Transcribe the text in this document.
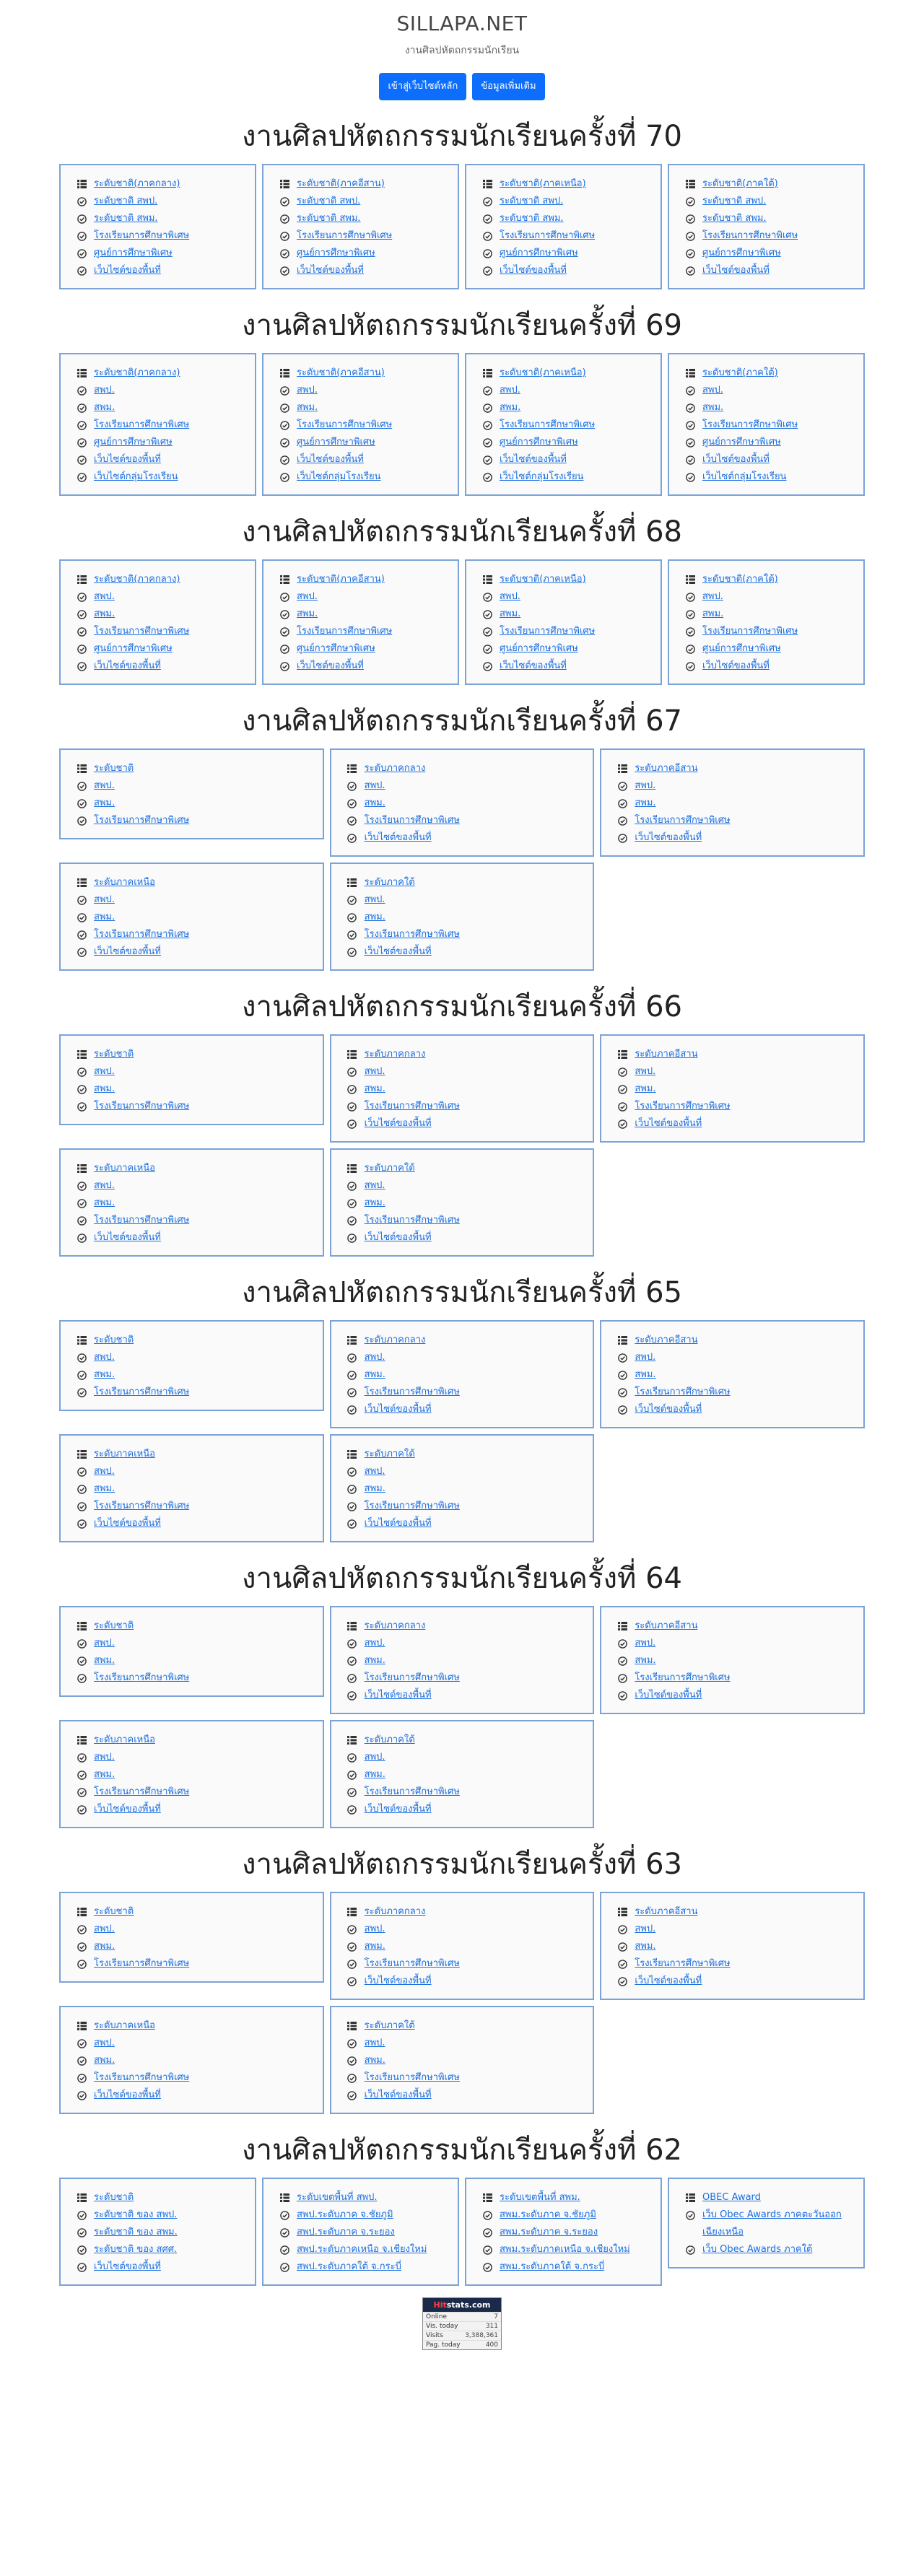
SILLAPA.NET
งานศิลปหัตถกรรมนักเรียน
เข้าสู่เว็บไซต์หลัก	ข้อมูลเพิ่มเติม
งานศิลปหัตถกรรมนักเรียนครั้งที่ 70
ระดับชาติ(ภาคกลาง)
ระดับชาติ สพป.
ระดับชาติ สพม.
โรงเรียนการศึกษาพิเศษ
ศูนย์การศึกษาพิเศษ
เว็บไซต์ของพื้นที่
ระดับชาติ(ภาคอีสาน)
ระดับชาติ สพป.
ระดับชาติ สพม.
โรงเรียนการศึกษาพิเศษ
ศูนย์การศึกษาพิเศษ
เว็บไซต์ของพื้นที่
ระดับชาติ(ภาคเหนือ)
ระดับชาติ สพป.
ระดับชาติ สพม.
โรงเรียนการศึกษาพิเศษ
ศูนย์การศึกษาพิเศษ
เว็บไซต์ของพื้นที่
ระดับชาติ(ภาคใต้)
ระดับชาติ สพป.
ระดับชาติ สพม.
โรงเรียนการศึกษาพิเศษ
ศูนย์การศึกษาพิเศษ
เว็บไซต์ของพื้นที่
งานศิลปหัตถกรรมนักเรียนครั้งที่ 69
ระดับชาติ(ภาคกลาง)
สพป.
สพม.
โรงเรียนการศึกษาพิเศษ
ศูนย์การศึกษาพิเศษ
เว็บไซต์ของพื้นที่
เว็บไซต์กลุ่มโรงเรียน
ระดับชาติ(ภาคอีสาน)
สพป.
สพม.
โรงเรียนการศึกษาพิเศษ
ศูนย์การศึกษาพิเศษ
เว็บไซต์ของพื้นที่
เว็บไซต์กลุ่มโรงเรียน
ระดับชาติ(ภาคเหนือ)
สพป.
สพม.
โรงเรียนการศึกษาพิเศษ
ศูนย์การศึกษาพิเศษ
เว็บไซต์ของพื้นที่
เว็บไซต์กลุ่มโรงเรียน
ระดับชาติ(ภาคใต้)
สพป.
สพม.
โรงเรียนการศึกษาพิเศษ
ศูนย์การศึกษาพิเศษ
เว็บไซต์ของพื้นที่
เว็บไซต์กลุ่มโรงเรียน
งานศิลปหัตถกรรมนักเรียนครั้งที่ 68
ระดับชาติ(ภาคกลาง)
สพป.
สพม.
โรงเรียนการศึกษาพิเศษ
ศูนย์การศึกษาพิเศษ
เว็บไซต์ของพื้นที่
ระดับชาติ(ภาคอีสาน)
สพป.
สพม.
โรงเรียนการศึกษาพิเศษ
ศูนย์การศึกษาพิเศษ
เว็บไซต์ของพื้นที่
ระดับชาติ(ภาคเหนือ)
สพป.
สพม.
โรงเรียนการศึกษาพิเศษ
ศูนย์การศึกษาพิเศษ
เว็บไซต์ของพื้นที่
ระดับชาติ(ภาคใต้)
สพป.
สพม.
โรงเรียนการศึกษาพิเศษ
ศูนย์การศึกษาพิเศษ
เว็บไซต์ของพื้นที่
งานศิลปหัตถกรรมนักเรียนครั้งที่ 67
ระดับชาติ
สพป.
สพม.
โรงเรียนการศึกษาพิเศษ
ระดับภาคกลาง
สพป.
สพม.
โรงเรียนการศึกษาพิเศษ
เว็บไซต์ของพื้นที่
ระดับภาคอีสาน
สพป.
สพม.
โรงเรียนการศึกษาพิเศษ
เว็บไซต์ของพื้นที่
ระดับภาคเหนือ
สพป.
สพม.
โรงเรียนการศึกษาพิเศษ
เว็บไซต์ของพื้นที่
ระดับภาคใต้
สพป.
สพม.
โรงเรียนการศึกษาพิเศษ
เว็บไซต์ของพื้นที่
งานศิลปหัตถกรรมนักเรียนครั้งที่ 66
ระดับชาติ
สพป.
สพม.
โรงเรียนการศึกษาพิเศษ
ระดับภาคกลาง
สพป.
สพม.
โรงเรียนการศึกษาพิเศษ
เว็บไซต์ของพื้นที่
ระดับภาคอีสาน
สพป.
สพม.
โรงเรียนการศึกษาพิเศษ
เว็บไซต์ของพื้นที่
ระดับภาคเหนือ
สพป.
สพม.
โรงเรียนการศึกษาพิเศษ
เว็บไซต์ของพื้นที่
ระดับภาคใต้
สพป.
สพม.
โรงเรียนการศึกษาพิเศษ
เว็บไซต์ของพื้นที่
งานศิลปหัตถกรรมนักเรียนครั้งที่ 65
ระดับชาติ
สพป.
สพม.
โรงเรียนการศึกษาพิเศษ
ระดับภาคกลาง
สพป.
สพม.
โรงเรียนการศึกษาพิเศษ
เว็บไซต์ของพื้นที่
ระดับภาคอีสาน
สพป.
สพม.
โรงเรียนการศึกษาพิเศษ
เว็บไซต์ของพื้นที่
ระดับภาคเหนือ
สพป.
สพม.
โรงเรียนการศึกษาพิเศษ
เว็บไซต์ของพื้นที่
ระดับภาคใต้
สพป.
สพม.
โรงเรียนการศึกษาพิเศษ
เว็บไซต์ของพื้นที่
งานศิลปหัตถกรรมนักเรียนครั้งที่ 64
ระดับชาติ
สพป.
สพม.
โรงเรียนการศึกษาพิเศษ
ระดับภาคกลาง
สพป.
สพม.
โรงเรียนการศึกษาพิเศษ
เว็บไซต์ของพื้นที่
ระดับภาคอีสาน
สพป.
สพม.
โรงเรียนการศึกษาพิเศษ
เว็บไซต์ของพื้นที่
ระดับภาคเหนือ
สพป.
สพม.
โรงเรียนการศึกษาพิเศษ
เว็บไซต์ของพื้นที่
ระดับภาคใต้
สพป.
สพม.
โรงเรียนการศึกษาพิเศษ
เว็บไซต์ของพื้นที่
งานศิลปหัตถกรรมนักเรียนครั้งที่ 63
ระดับชาติ
สพป.
สพม.
โรงเรียนการศึกษาพิเศษ
ระดับภาคกลาง
สพป.
สพม.
โรงเรียนการศึกษาพิเศษ
เว็บไซต์ของพื้นที่
ระดับภาคอีสาน
สพป.
สพม.
โรงเรียนการศึกษาพิเศษ
เว็บไซต์ของพื้นที่
ระดับภาคเหนือ
สพป.
สพม.
โรงเรียนการศึกษาพิเศษ
เว็บไซต์ของพื้นที่
ระดับภาคใต้
สพป.
สพม.
โรงเรียนการศึกษาพิเศษ
เว็บไซต์ของพื้นที่
งานศิลปหัตถกรรมนักเรียนครั้งที่ 62
ระดับชาติ
ระดับชาติ ของ สพป.
ระดับชาติ ของ สพม.
ระดับชาติ ของ สศศ.
เว็บไซต์ของพื้นที่
ระดับเขตพื้นที่ สพป.
สพป.ระดับภาค จ.ชัยภูมิ
สพป.ระดับภาค จ.ระยอง
สพป.ระดับภาคเหนือ จ.เชียงใหม่
สพป.ระดับภาคใต้ จ.กระบี่
ระดับเขตพื้นที่ สพม.
สพม.ระดับภาค จ.ชัยภูมิ
สพม.ระดับภาค จ.ระยอง
สพม.ระดับภาคเหนือ จ.เชียงใหม่
สพม.ระดับภาคใต้ จ.กระบี่
OBEC Award
เว็บ Obec Awards ภาคตะวันออกเฉียงเหนือ
เว็บ Obec Awards ภาคใต้
Hitstats.com
Online	7
Vis. today	311
Visits	3,388,361
Pag. today	400
